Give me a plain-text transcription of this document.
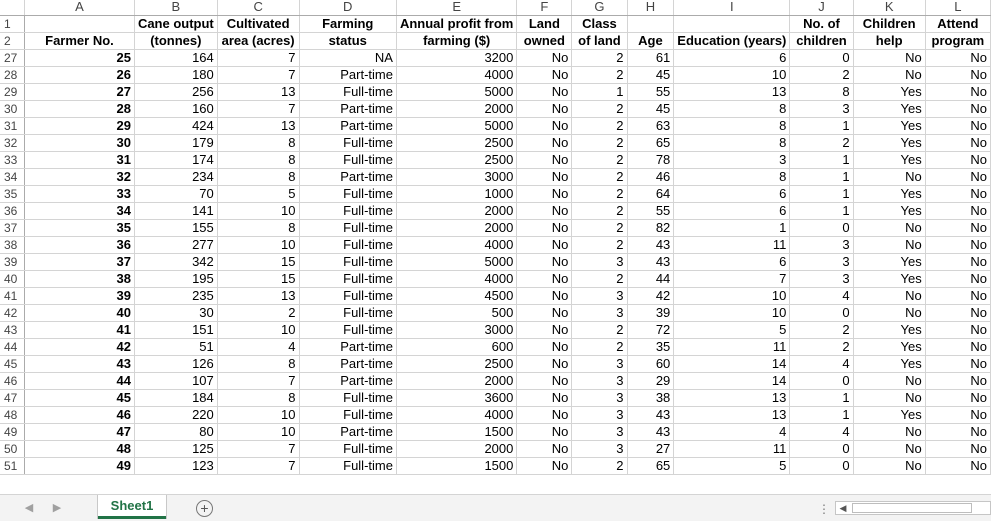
	A	B	C	D	E	F	G	H	I	J	K	L
1		Cane output	Cultivated	Farming	Annual profit from	Land	Class			No. of	Children	Attend
2	Farmer No.	(tonnes)	area (acres)	status	farming ($)	owned	of land	Age	Education (years)	children	help	program
27	25	164	7	NA	3200	No	2	61	6	0	No	No
28	26	180	7	Part-time	4000	No	2	45	10	2	No	No
29	27	256	13	Full-time	5000	No	1	55	13	8	Yes	No
30	28	160	7	Part-time	2000	No	2	45	8	3	Yes	No
31	29	424	13	Part-time	5000	No	2	63	8	1	Yes	No
32	30	179	8	Full-time	2500	No	2	65	8	2	Yes	No
33	31	174	8	Full-time	2500	No	2	78	3	1	Yes	No
34	32	234	8	Part-time	3000	No	2	46	8	1	No	No
35	33	70	5	Full-time	1000	No	2	64	6	1	Yes	No
36	34	141	10	Full-time	2000	No	2	55	6	1	Yes	No
37	35	155	8	Full-time	2000	No	2	82	1	0	No	No
38	36	277	10	Full-time	4000	No	2	43	11	3	No	No
39	37	342	15	Full-time	5000	No	3	43	6	3	Yes	No
40	38	195	15	Full-time	4000	No	2	44	7	3	Yes	No
41	39	235	13	Full-time	4500	No	3	42	10	4	No	No
42	40	30	2	Full-time	500	No	3	39	10	0	No	No
43	41	151	10	Full-time	3000	No	2	72	5	2	Yes	No
44	42	51	4	Part-time	600	No	2	35	11	2	Yes	No
45	43	126	8	Part-time	2500	No	3	60	14	4	Yes	No
46	44	107	7	Part-time	2000	No	3	29	14	0	No	No
47	45	184	8	Full-time	3600	No	3	38	13	1	No	No
48	46	220	10	Full-time	4000	No	3	43	13	1	Yes	No
49	47	80	10	Part-time	1500	No	3	43	4	4	No	No
50	48	125	7	Full-time	2000	No	3	27	11	0	No	No
51	49	123	7	Full-time	1500	No	2	65	5	0	No	No
◀ ▶	Sheet1	+	⋮	◀
